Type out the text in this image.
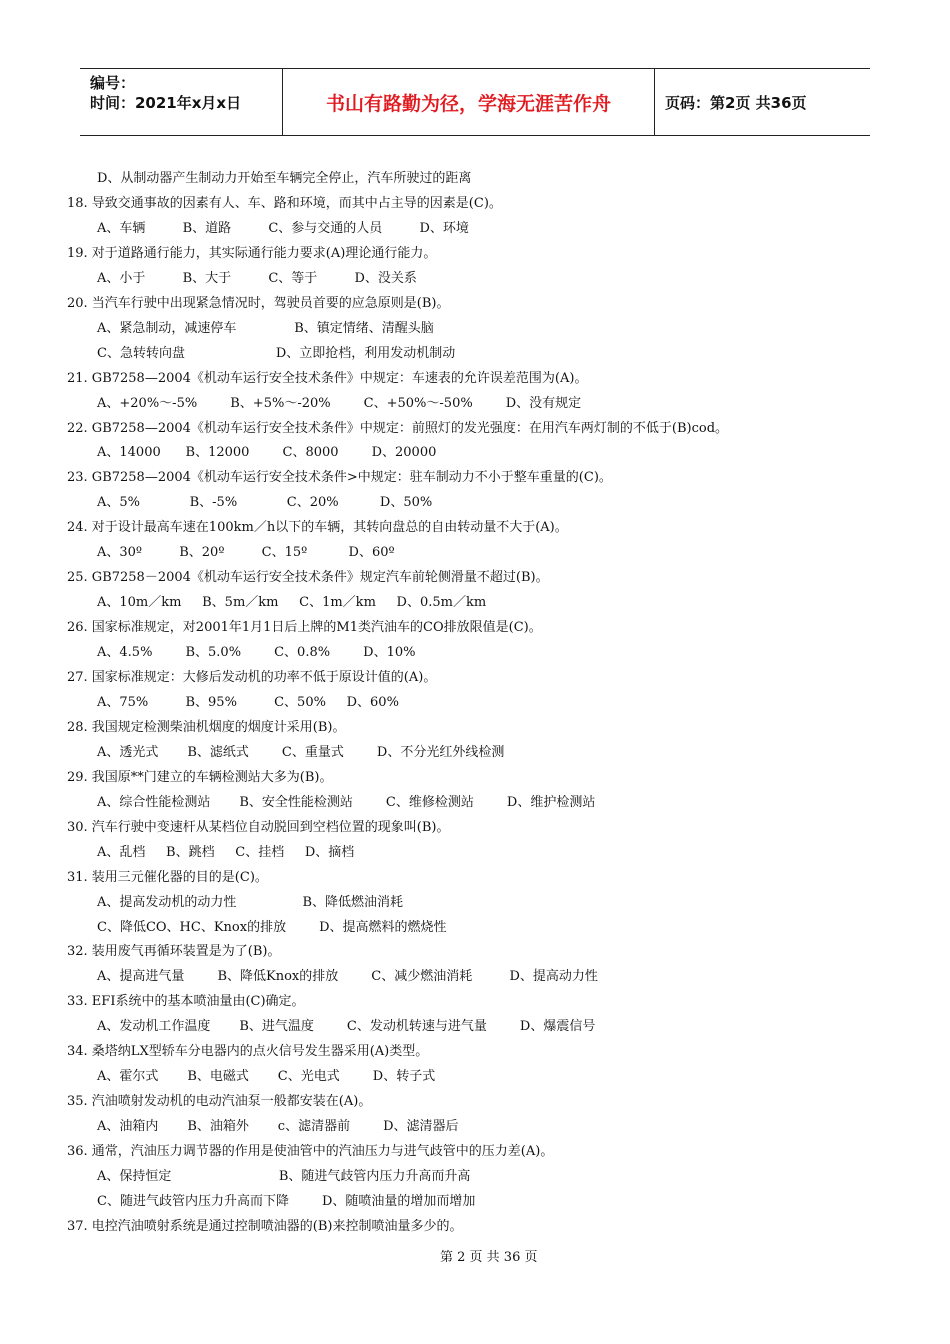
编号：
时间：2021年x月x日	书山有路勤为径，学海无涯苦作舟	页码：第2页 共36页
D、从制动器产生制动力开始至车辆完全停止，汽车所驶过的距离
18. 导致交通事故的因素有人、车、路和环境，而其中占主导的因素是(C)。
A、车辆         B、道路         C、参与交通的人员         D、环境
19. 对于道路通行能力，其实际通行能力要求(A)理论通行能力。
A、小于         B、大于         C、等于         D、没关系
20. 当汽车行驶中出现紧急情况时，驾驶员首要的应急原则是(B)。
A、紧急制动，减速停车              B、镇定情绪、清醒头脑
C、急转转向盘                      D、立即抢档，利用发动机制动
21. GB7258—2004《机动车运行安全技术条件》中规定：车速表的允许误差范围为(A)。
A、+20%～-5%        B、+5%～-20%        C、+50%～-50%        D、没有规定
22. GB7258—2004《机动车运行安全技术条件》中规定：前照灯的发光强度：在用汽车两灯制的不低于(B)cod。
A、14000      B、12000        C、8000        D、20000
23. GB7258—2004《机动车运行安全技术条件>中规定：驻车制动力不小于整车重量的(C)。
A、5%            B、-5%            C、20%          D、50%
24. 对于设计最高车速在100km／h以下的车辆，其转向盘总的自由转动量不大于(A)。
A、30º         B、20º         C、15º          D、60º
25. GB7258－2004《机动车运行安全技术条件》规定汽车前轮侧滑量不超过(B)。
A、10m／km     B、5m／km     C、1m／km     D、0.5m／km
26. 国家标准规定，对2001年1月1日后上牌的M1类汽油车的CO排放限值是(C)。
A、4.5%        B、5.0%        C、0.8%        D、10%
27. 国家标准规定：大修后发动机的功率不低于原设计值的(A)。
A、75%         B、95%         C、50%     D、60%
28. 我国规定检测柴油机烟度的烟度计采用(B)。
A、透光式       B、滤纸式        C、重量式        D、不分光红外线检测
29. 我国原**门建立的车辆检测站大多为(B)。
A、综合性能检测站       B、安全性能检测站        C、维修检测站        D、维护检测站
30. 汽车行驶中变速杆从某档位自动脱回到空档位置的现象叫(B)。
A、乱档     B、跳档     C、挂档     D、摘档
31. 装用三元催化器的目的是(C)。
A、提高发动机的动力性                B、降低燃油消耗
C、降低CO、HC、Knox的排放        D、提高燃料的燃烧性
32. 装用废气再循环装置是为了(B)。
A、提高进气量        B、降低Knox的排放        C、减少燃油消耗         D、提高动力性
33. EFI系统中的基本喷油量由(C)确定。
A、发动机工作温度       B、进气温度        C、发动机转速与进气量        D、爆震信号
34. 桑塔纳LX型轿车分电器内的点火信号发生器采用(A)类型。
A、霍尔式       B、电磁式       C、光电式        D、转子式
35. 汽油喷射发动机的电动汽油泵一般都安装在(A)。
A、油箱内       B、油箱外       c、滤清器前        D、滤清器后
36. 通常，汽油压力调节器的作用是使油管中的汽油压力与进气歧管中的压力差(A)。
A、保持恒定                          B、随进气歧管内压力升高而升高
C、随进气歧管内压力升高而下降        D、随喷油量的增加而增加
37. 电控汽油喷射系统是通过控制喷油器的(B)来控制喷油量多少的。
第 2 页 共 36 页
